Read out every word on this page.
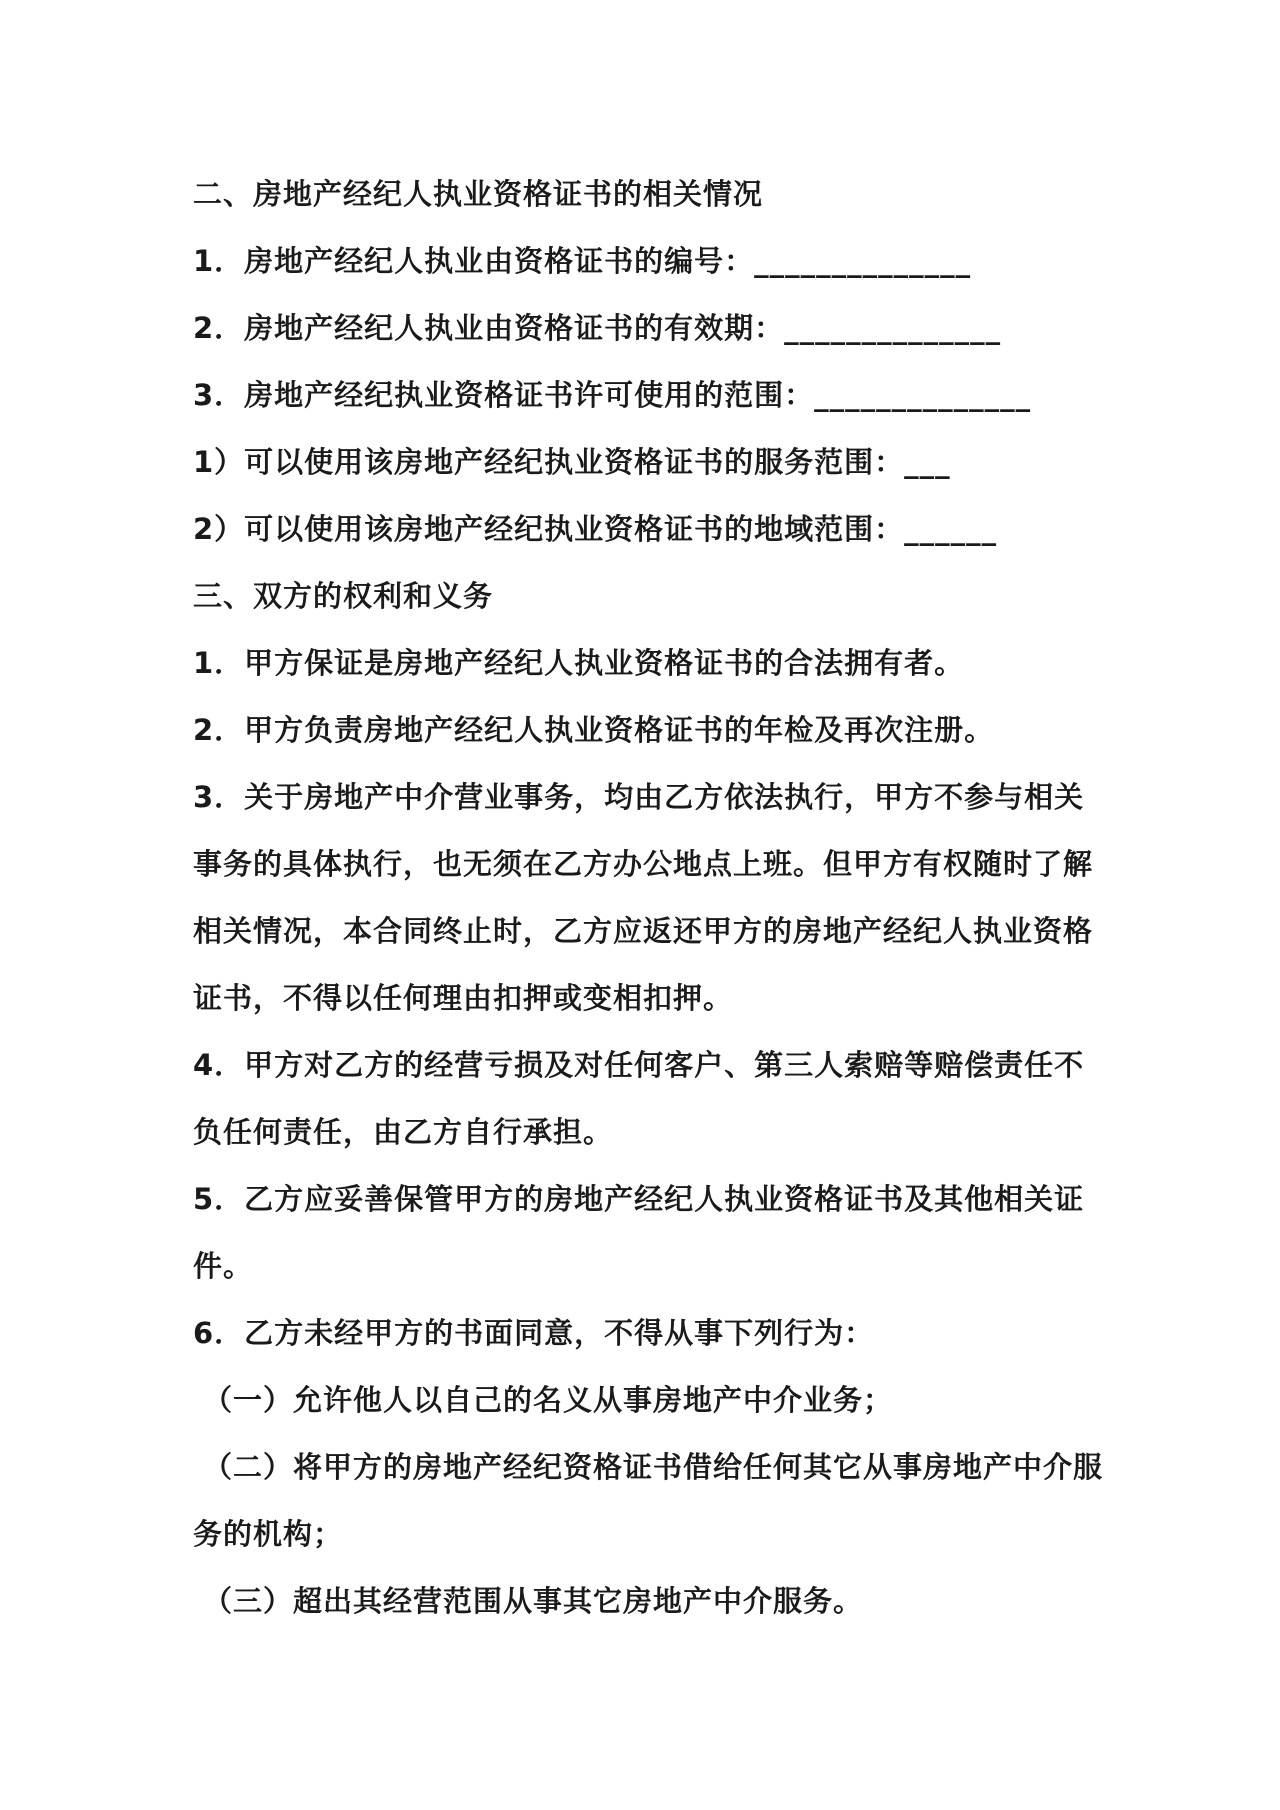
二、房地产经纪人执业资格证书的相关情况
1．房地产经纪人执业由资格证书的编号：______________
2．房地产经纪人执业由资格证书的有效期：______________
3．房地产经纪执业资格证书许可使用的范围：______________
1）可以使用该房地产经纪执业资格证书的服务范围：___
2）可以使用该房地产经纪执业资格证书的地域范围：______
三、双方的权利和义务
1．甲方保证是房地产经纪人执业资格证书的合法拥有者。
2．甲方负责房地产经纪人执业资格证书的年检及再次注册。
3．关于房地产中介营业事务，均由乙方依法执行，甲方不参与相关
事务的具体执行，也无须在乙方办公地点上班。但甲方有权随时了解
相关情况，本合同终止时，乙方应返还甲方的房地产经纪人执业资格
证书，不得以任何理由扣押或变相扣押。
4．甲方对乙方的经营亏损及对任何客户、第三人索赔等赔偿责任不
负任何责任，由乙方自行承担。
5．乙方应妥善保管甲方的房地产经纪人执业资格证书及其他相关证
件。
6．乙方未经甲方的书面同意，不得从事下列行为：
（一）允许他人以自己的名义从事房地产中介业务；
（二）将甲方的房地产经纪资格证书借给任何其它从事房地产中介服
务的机构；
（三）超出其经营范围从事其它房地产中介服务。
